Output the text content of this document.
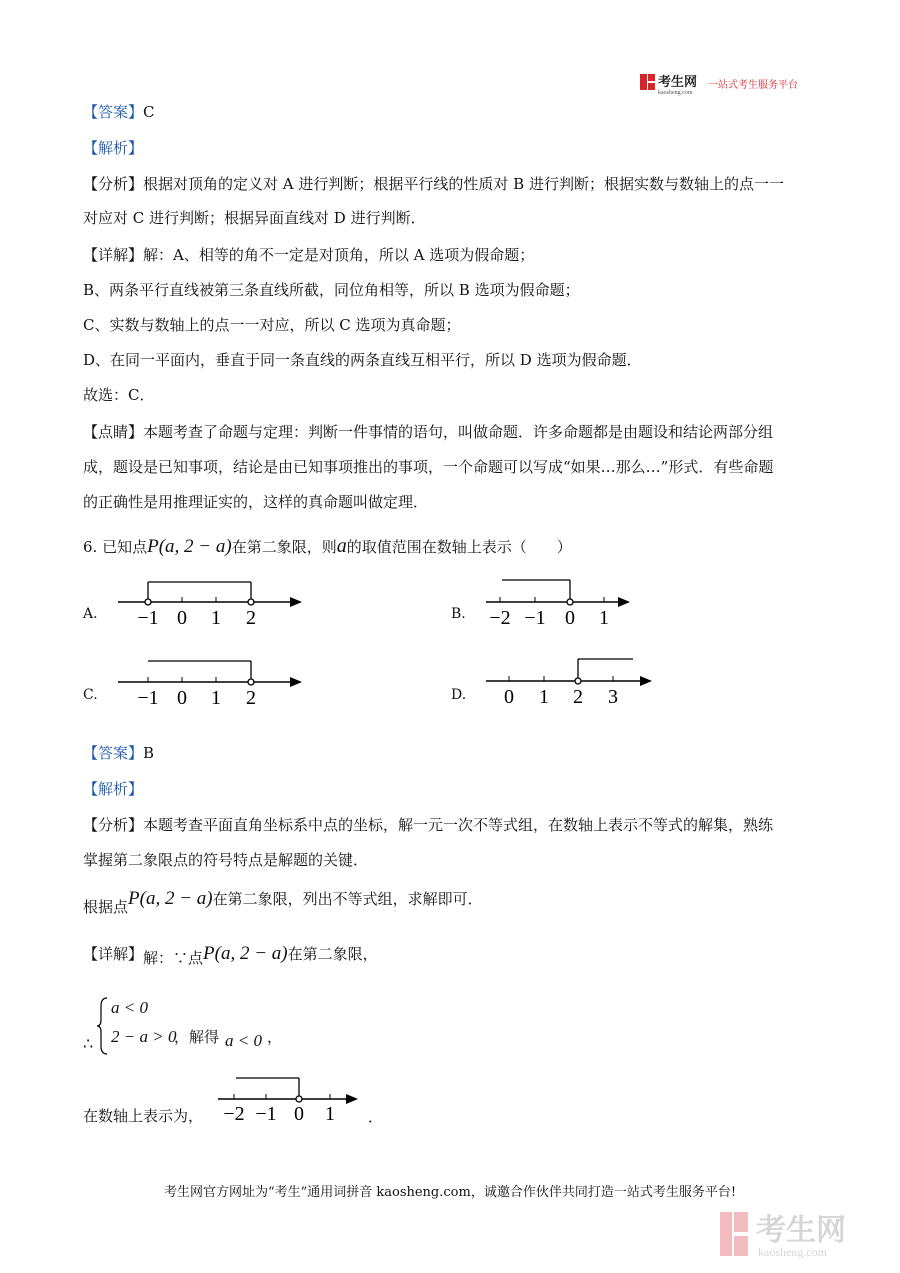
考生网
kaosheng.com
一站式考生服务平台
【答案】C
【解析】
【分析】根据对顶角的定义对 A 进行判断；根据平行线的性质对 B 进行判断；根据实数与数轴上的点一一
对应对 C 进行判断；根据异面直线对 D 进行判断．
【详解】解：A、相等的角不一定是对顶角，所以 A 选项为假命题；
B、两条平行直线被第三条直线所截，同位角相等，所以 B 选项为假命题；
C、实数与数轴上的点一一对应，所以 C 选项为真命题；
D、在同一平面内，垂直于同一条直线的两条直线互相平行，所以 D 选项为假命题．
故选：C．
【点睛】本题考查了命题与定理：判断一件事情的语句，叫做命题．许多命题都是由题设和结论两部分组
成，题设是已知事项，结论是由已知事项推出的事项，一个命题可以写成“如果…那么…”形式．有些命题
的正确性是用推理证实的，这样的真命题叫做定理．
6. 已知点P(a, 2 − a)在第二象限，则a的取值范围在数轴上表示（　　）
A. −1 0 1 2	B. −2 −1 0 1
C. −1 0 1 2	D. 0 1 2 3
【答案】B
【解析】
【分析】本题考查平面直角坐标系中点的坐标，解一元一次不等式组，在数轴上表示不等式的解集，熟练
掌握第二象限点的符号特点是解题的关键．
根据点P(a, 2 − a)在第二象限，列出不等式组，求解即可．
【详解】解：∵点P(a, 2 − a)在第二象限，
∴
a < 0
2 − a > 0
，解得 a < 0 ，
在数轴上表示为， −2 −1 0 1 ．
考生网官方网址为“考生”通用词拼音 kaosheng.com，诚邀合作伙伴共同打造一站式考生服务平台!
考生网
kaosheng.com
